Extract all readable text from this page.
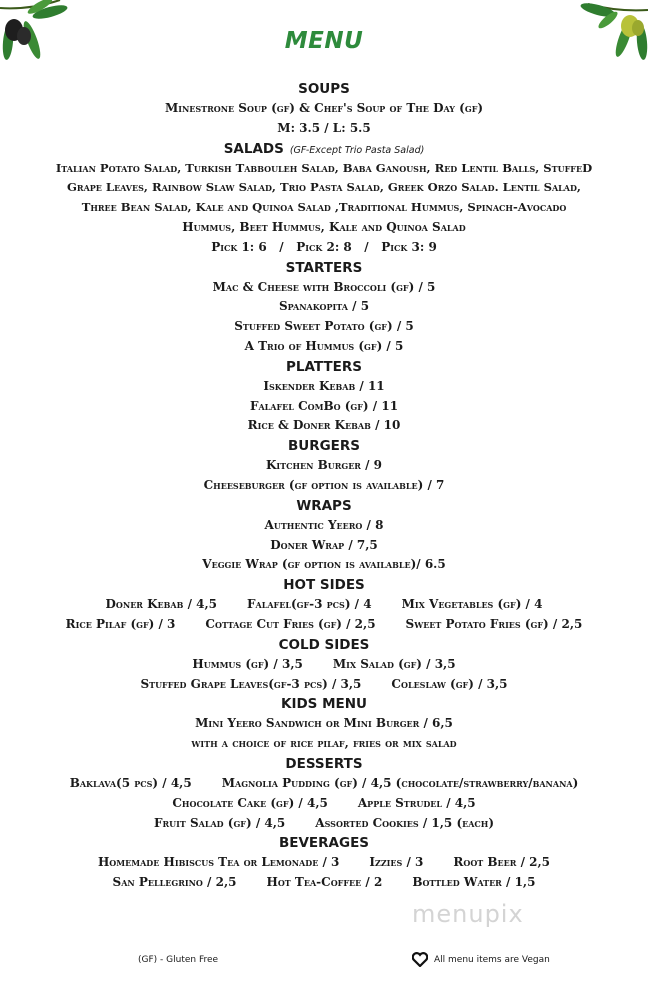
MENU
SOUPS
Minestrone Soup (gf) & Chef's Soup of The Day (gf)
M: 3.5 / L: 5.5
SALADS (GF-Except Trio Pasta Salad)
Italian Potato Salad, Turkish Tabbouleh Salad, Baba Ganoush, Red Lentil Balls, StuffeD
Grape Leaves, Rainbow Slaw Salad, Trio Pasta Salad, Greek Orzo Salad. Lentil Salad,
Three Bean Salad, Kale and Quinoa Salad ,Traditional Hummus, Spinach-Avocado
Hummus, Beet Hummus, Kale and Quinoa Salad
Pick 1: 6   /   Pick 2: 8   /   Pick 3: 9
STARTERS
Mac & Cheese with Broccoli (gf) / 5
Spanakopita / 5
Stuffed Sweet Potato (gf) / 5
A Trio of Hummus (gf) / 5
PLATTERS
Iskender Kebab / 11
Falafel ComBo (gf) / 11
Rice & Doner Kebab / 10
BURGERS
Kitchen Burger / 9
Cheeseburger (gf option is available) / 7
WRAPS
Authentic Yeero / 8
Doner Wrap / 7,5
Veggie Wrap (gf option is available)/ 6.5
HOT SIDES
Doner Kebab / 4,5	Falafel(gf-3 pcs) / 4	Mix Vegetables (gf) / 4
Rice Pilaf (gf) / 3	Cottage Cut Fries (gf) / 2,5	Sweet Potato Fries (gf) / 2,5
COLD SIDES
Hummus (gf) / 3,5	Mix Salad (gf) / 3,5
Stuffed Grape Leaves(gf-3 pcs) / 3,5	Coleslaw (gf) / 3,5
KIDS MENU
Mini Yeero Sandwich or Mini Burger / 6,5
with a choice of rice pilaf, fries or mix salad
DESSERTS
Baklava(5 pcs) / 4,5	Magnolia Pudding (gf) / 4,5 (chocolate/strawberry/banana)
Chocolate Cake (gf) / 4,5	Apple Strudel / 4,5
Fruit Salad (gf) / 4,5	Assorted Cookies / 1,5 (each)
BEVERAGES
Homemade Hibiscus Tea or Lemonade / 3	Izzies / 3	Root Beer / 2,5
San Pellegrino / 2,5	Hot Tea-Coffee / 2	Bottled Water / 1,5
menupix
(GF) - Gluten Free	All menu items are Vegan
